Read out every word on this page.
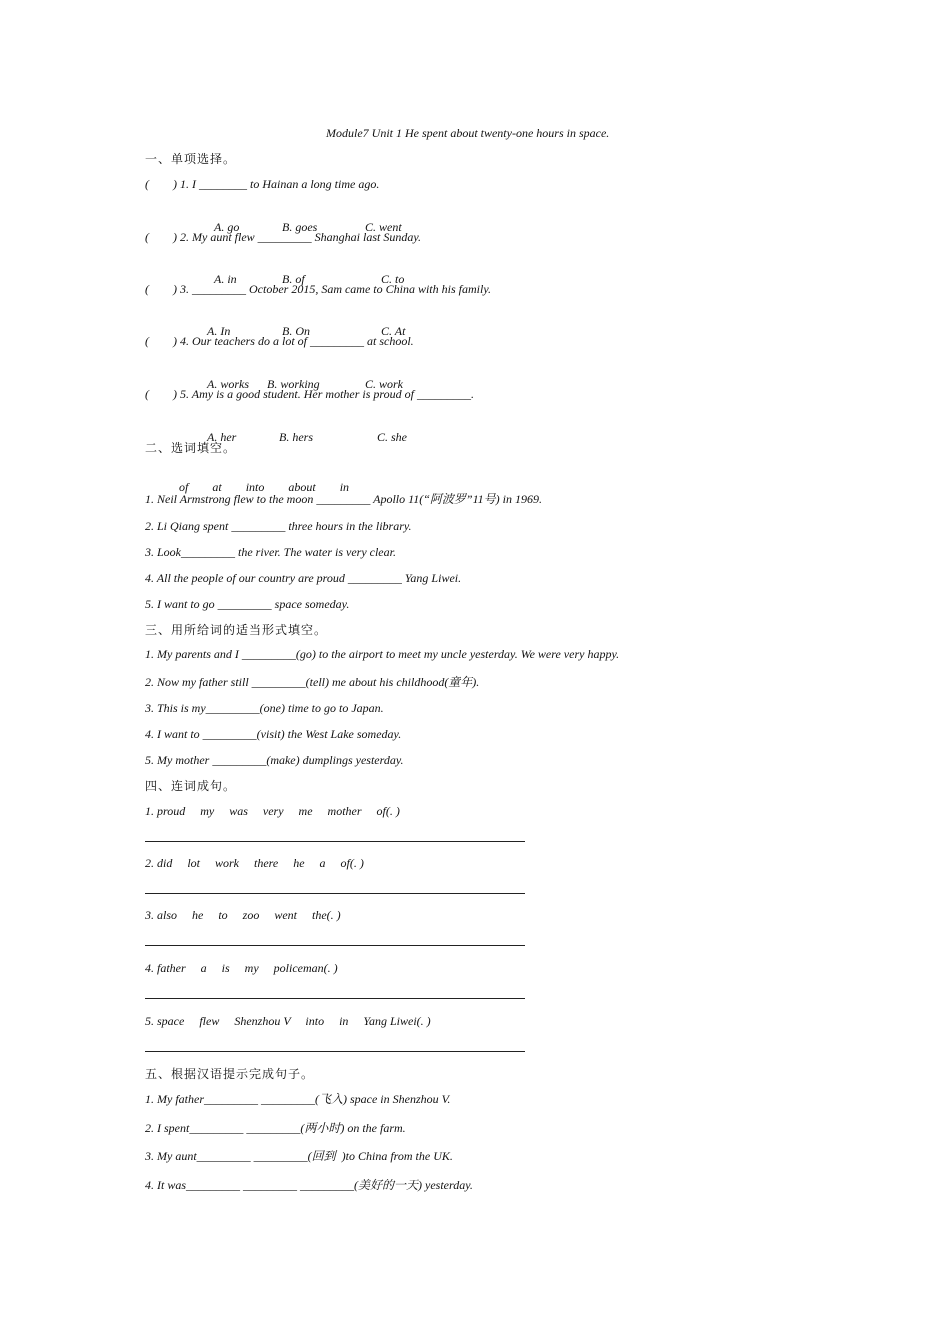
Module7 Unit 1 He spent about twenty-one hours in space.
一、单项选择。
(        ) 1. I ________ to Hainan a long time ago.

A. go	B. goes	C. went

(        ) 2. My aunt flew _________ Shanghai last Sunday.

A. in	B. of	C. to

(        ) 3. _________ October 2015, Sam came to China with his family.

A. In	B. On	C. At

(        ) 4. Our teachers do a lot of _________ at school.

A. works B. working	C. work

(        ) 5. Amy is a good student. Her mother is proud of _________.

A. her	B. hers	C. she

二、选词填空。

of at into about in

1. Neil Armstrong flew to the moon _________ Apollo 11(“阿波罗”11号) in 1969.
2. Li Qiang spent _________ three hours in the library.
3. Look_________ the river. The water is very clear.
4. All the people of our country are proud _________ Yang Liwei.
5. I want to go _________ space someday.
三、用所给词的适当形式填空。
1. My parents and I _________(go) to the airport to meet my uncle yesterday. We were very happy.
2. Now my father still _________(tell) me about his childhood(童年).
3. This is my_________(one) time to go to Japan.
4. I want to _________(visit) the West Lake someday.
5. My mother _________(make) dumplings yesterday.
四、连词成句。
1. proud     my     was     very     me     mother     of(. )
2. did     lot     work     there     he     a     of(. )
3. also     he     to     zoo     went     the(. )
4. father     a     is     my     policeman(. )
5. space     flew     Shenzhou V     into     in     Yang Liwei(. )
五、根据汉语提示完成句子。
1. My father_________ _________(飞入) space in Shenzhou V.
2. I spent_________ _________(两小时) on the farm.
3. My aunt_________ _________(回到  )to China from the UK.
4. It was_________ _________ _________(美好的一天) yesterday.
